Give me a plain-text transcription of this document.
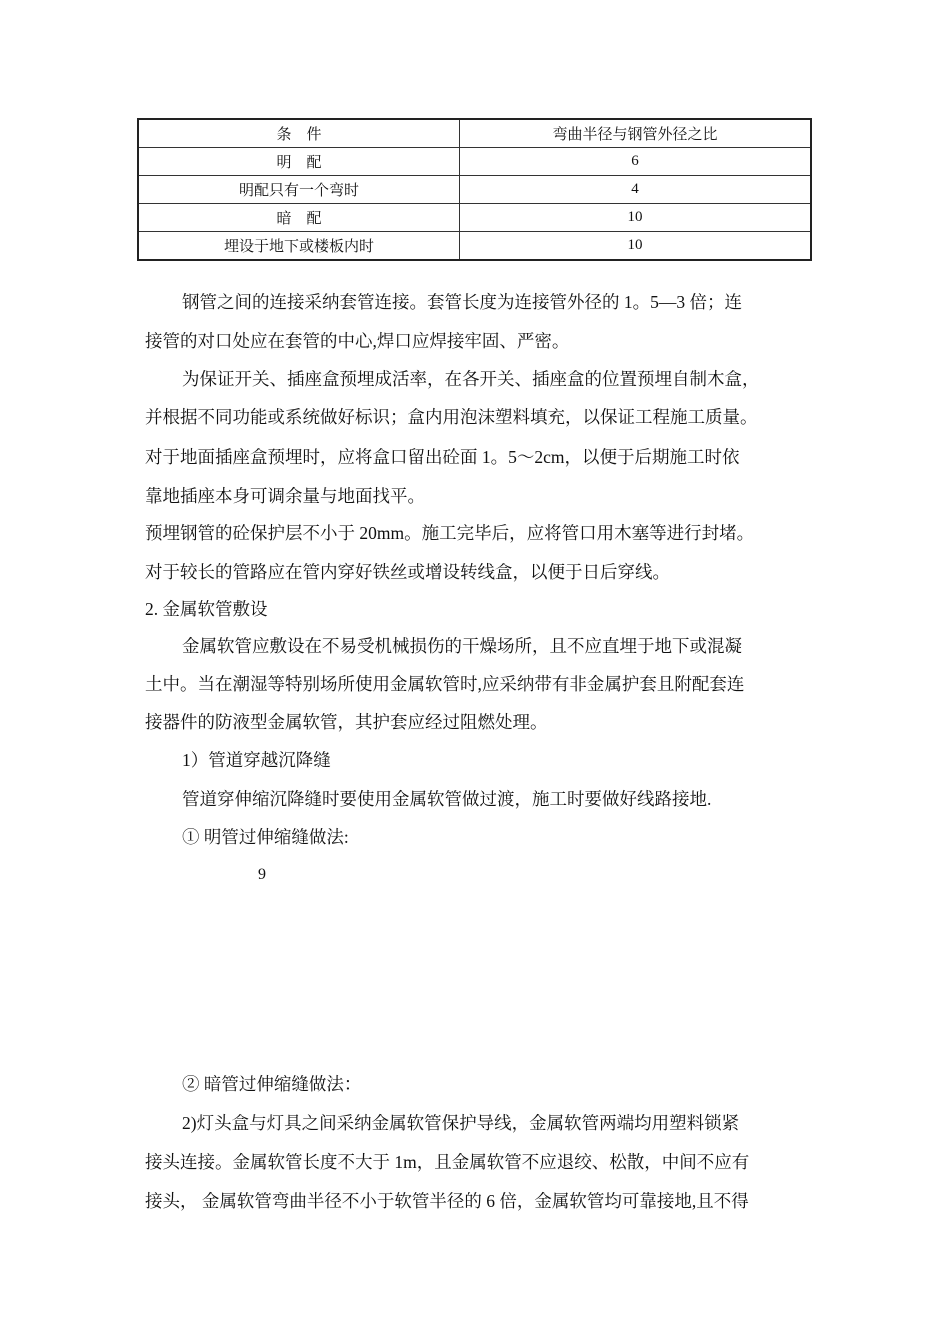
条　件	弯曲半径与钢管外径之比
明　配	6
明配只有一个弯时	4
暗　配	10
埋设于地下或楼板内时	10
钢管之间的连接采纳套管连接。套管长度为连接管外径的 1。5—3 倍；连
接管的对口处应在套管的中心,焊口应焊接牢固、严密。
为保证开关、插座盒预埋成活率，在各开关、插座盒的位置预埋自制木盒，
并根据不同功能或系统做好标识；盒内用泡沫塑料填充，以保证工程施工质量。
对于地面插座盒预埋时，应将盒口留出砼面 1。5～2cm，以便于后期施工时依
靠地插座本身可调余量与地面找平。
预埋钢管的砼保护层不小于 20mm。施工完毕后，应将管口用木塞等进行封堵。
对于较长的管路应在管内穿好铁丝或增设转线盒，以便于日后穿线。
2. 金属软管敷设
金属软管应敷设在不易受机械损伤的干燥场所，且不应直埋于地下或混凝
土中。当在潮湿等特别场所使用金属软管时,应采纳带有非金属护套且附配套连
接器件的防液型金属软管，其护套应经过阻燃处理。
1）管道穿越沉降缝
管道穿伸缩沉降缝时要使用金属软管做过渡，施工时要做好线路接地.
① 明管过伸缩缝做法:
9
② 暗管过伸缩缝做法：
2)灯头盒与灯具之间采纳金属软管保护导线，金属软管两端均用塑料锁紧
接头连接。金属软管长度不大于 1m，且金属软管不应退绞、松散，中间不应有
接头， 金属软管弯曲半径不小于软管半径的 6 倍，金属软管均可靠接地,且不得
